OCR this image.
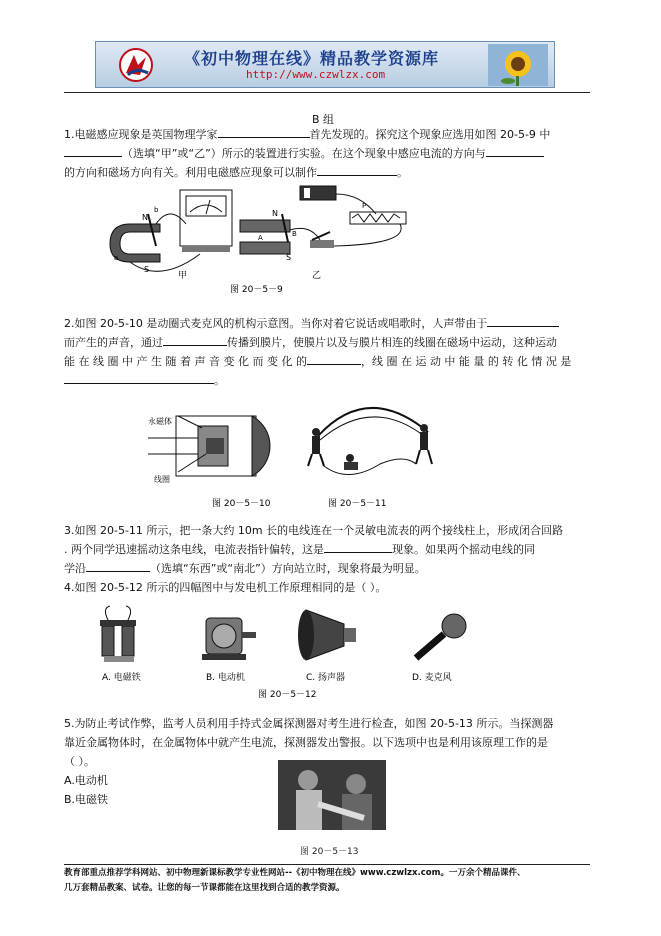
《初中物理在线》精品教学资源库
http://www.czwlzx.com
B 组
1.电磁感应现象是英国物理学家	首先发现的。探究这个现象应选用如图 20-5-9 中
（选填“甲”或“乙”）所示的装置进行实验。在这个现象中感应电流的方向与
的方向和磁场方向有关。利用电磁感应现象可以制作	。
N
S
a
b	N
S
B
A
P
甲	乙
图 20－5－9
2.如图 20-5-10 是动圈式麦克风的机构示意图。当你对着它说话或唱歌时，人声带由于
而产生的声音，通过	传播到膜片，使膜片以及与膜片相连的线圈在磁场中运动，这种运动
能 在 线 圈 中 产 生 随 着 声 音 变 化 而 变 化 的	，线 圈 在 运 动 中 能 量 的 转 化 情 况 是
。
永磁体
线圈
图 20－5－10	图 20－5－11
3.如图 20-5-11 所示，把一条大约 10m 长的电线连在一个灵敏电流表的两个接线柱上，形成闭合回路
. 两个同学迅速摇动这条电线，电流表指针偏转，这是	现象。如果两个摇动电线的同
学沿	（选填“东西”或“南北”）方向站立时，现象将最为明显。
4.如图 20-5-12 所示的四幅图中与发电机工作原理相同的是（ ）。
A. 电磁铁	B. 电动机	C. 扬声器	D. 麦克风
图 20－5－12
5.为防止考试作弊，监考人员利用手持式金属探测器对考生进行检查，如图 20-5-13 所示。当探测器
靠近金属物体时，在金属物体中就产生电流，探测器发出警报。以下选项中也是利用该原理工作的是
（ ）。
A.电动机
B.电磁铁
图 20－5－13
教育部重点推荐学科网站、初中物理新课标教学专业性网站--《初中物理在线》www.czwlzx.com。一万余个精品课件、
几万套精品教案、试卷。让您的每一节课都能在这里找到合适的教学资源。
